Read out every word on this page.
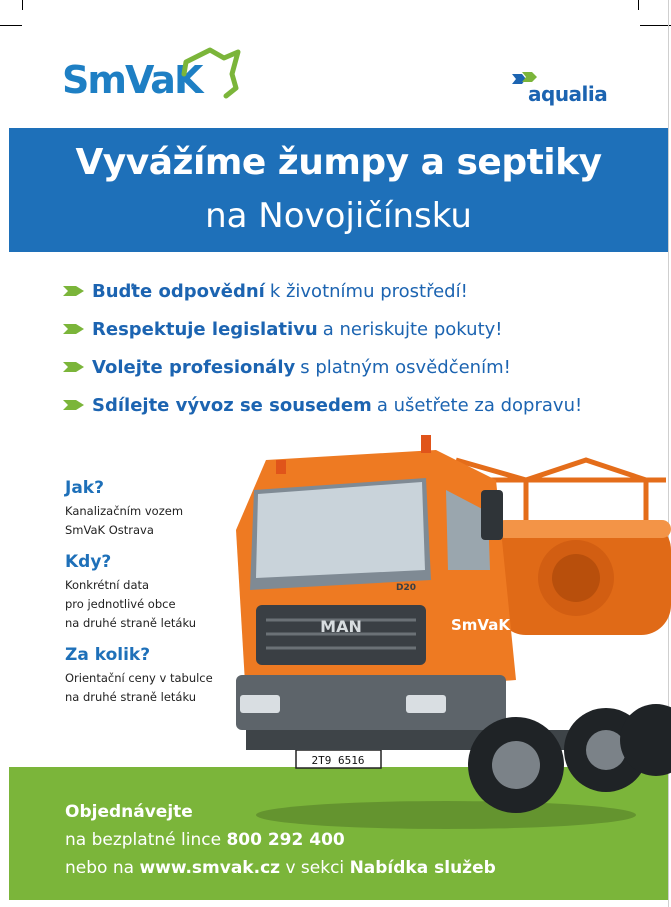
SmVaK	aqualia
Vyvážíme žumpy a septiky
na Novojičínsku
Buďte odpovědní k životnímu prostředí!
Respektuje legislativu a neriskujte pokuty!
Volejte profesionály s platným osvědčením!
Sdílejte vývoz se sousedem a ušetřete za dopravu!

Jak?

Kanalizačním vozem

SmVaK Ostrava

Kdy?

Konkrétní data

pro jednotlivé obce

na druhé straně letáku

Za kolik?

Orientační ceny v tabulce

na druhé straně letáku

MAN
D20
SmVaK
2T9 6516
Objednávejte
na bezplatné lince 800 292 400
nebo na www.smvak.cz v sekci Nabídka služeb
